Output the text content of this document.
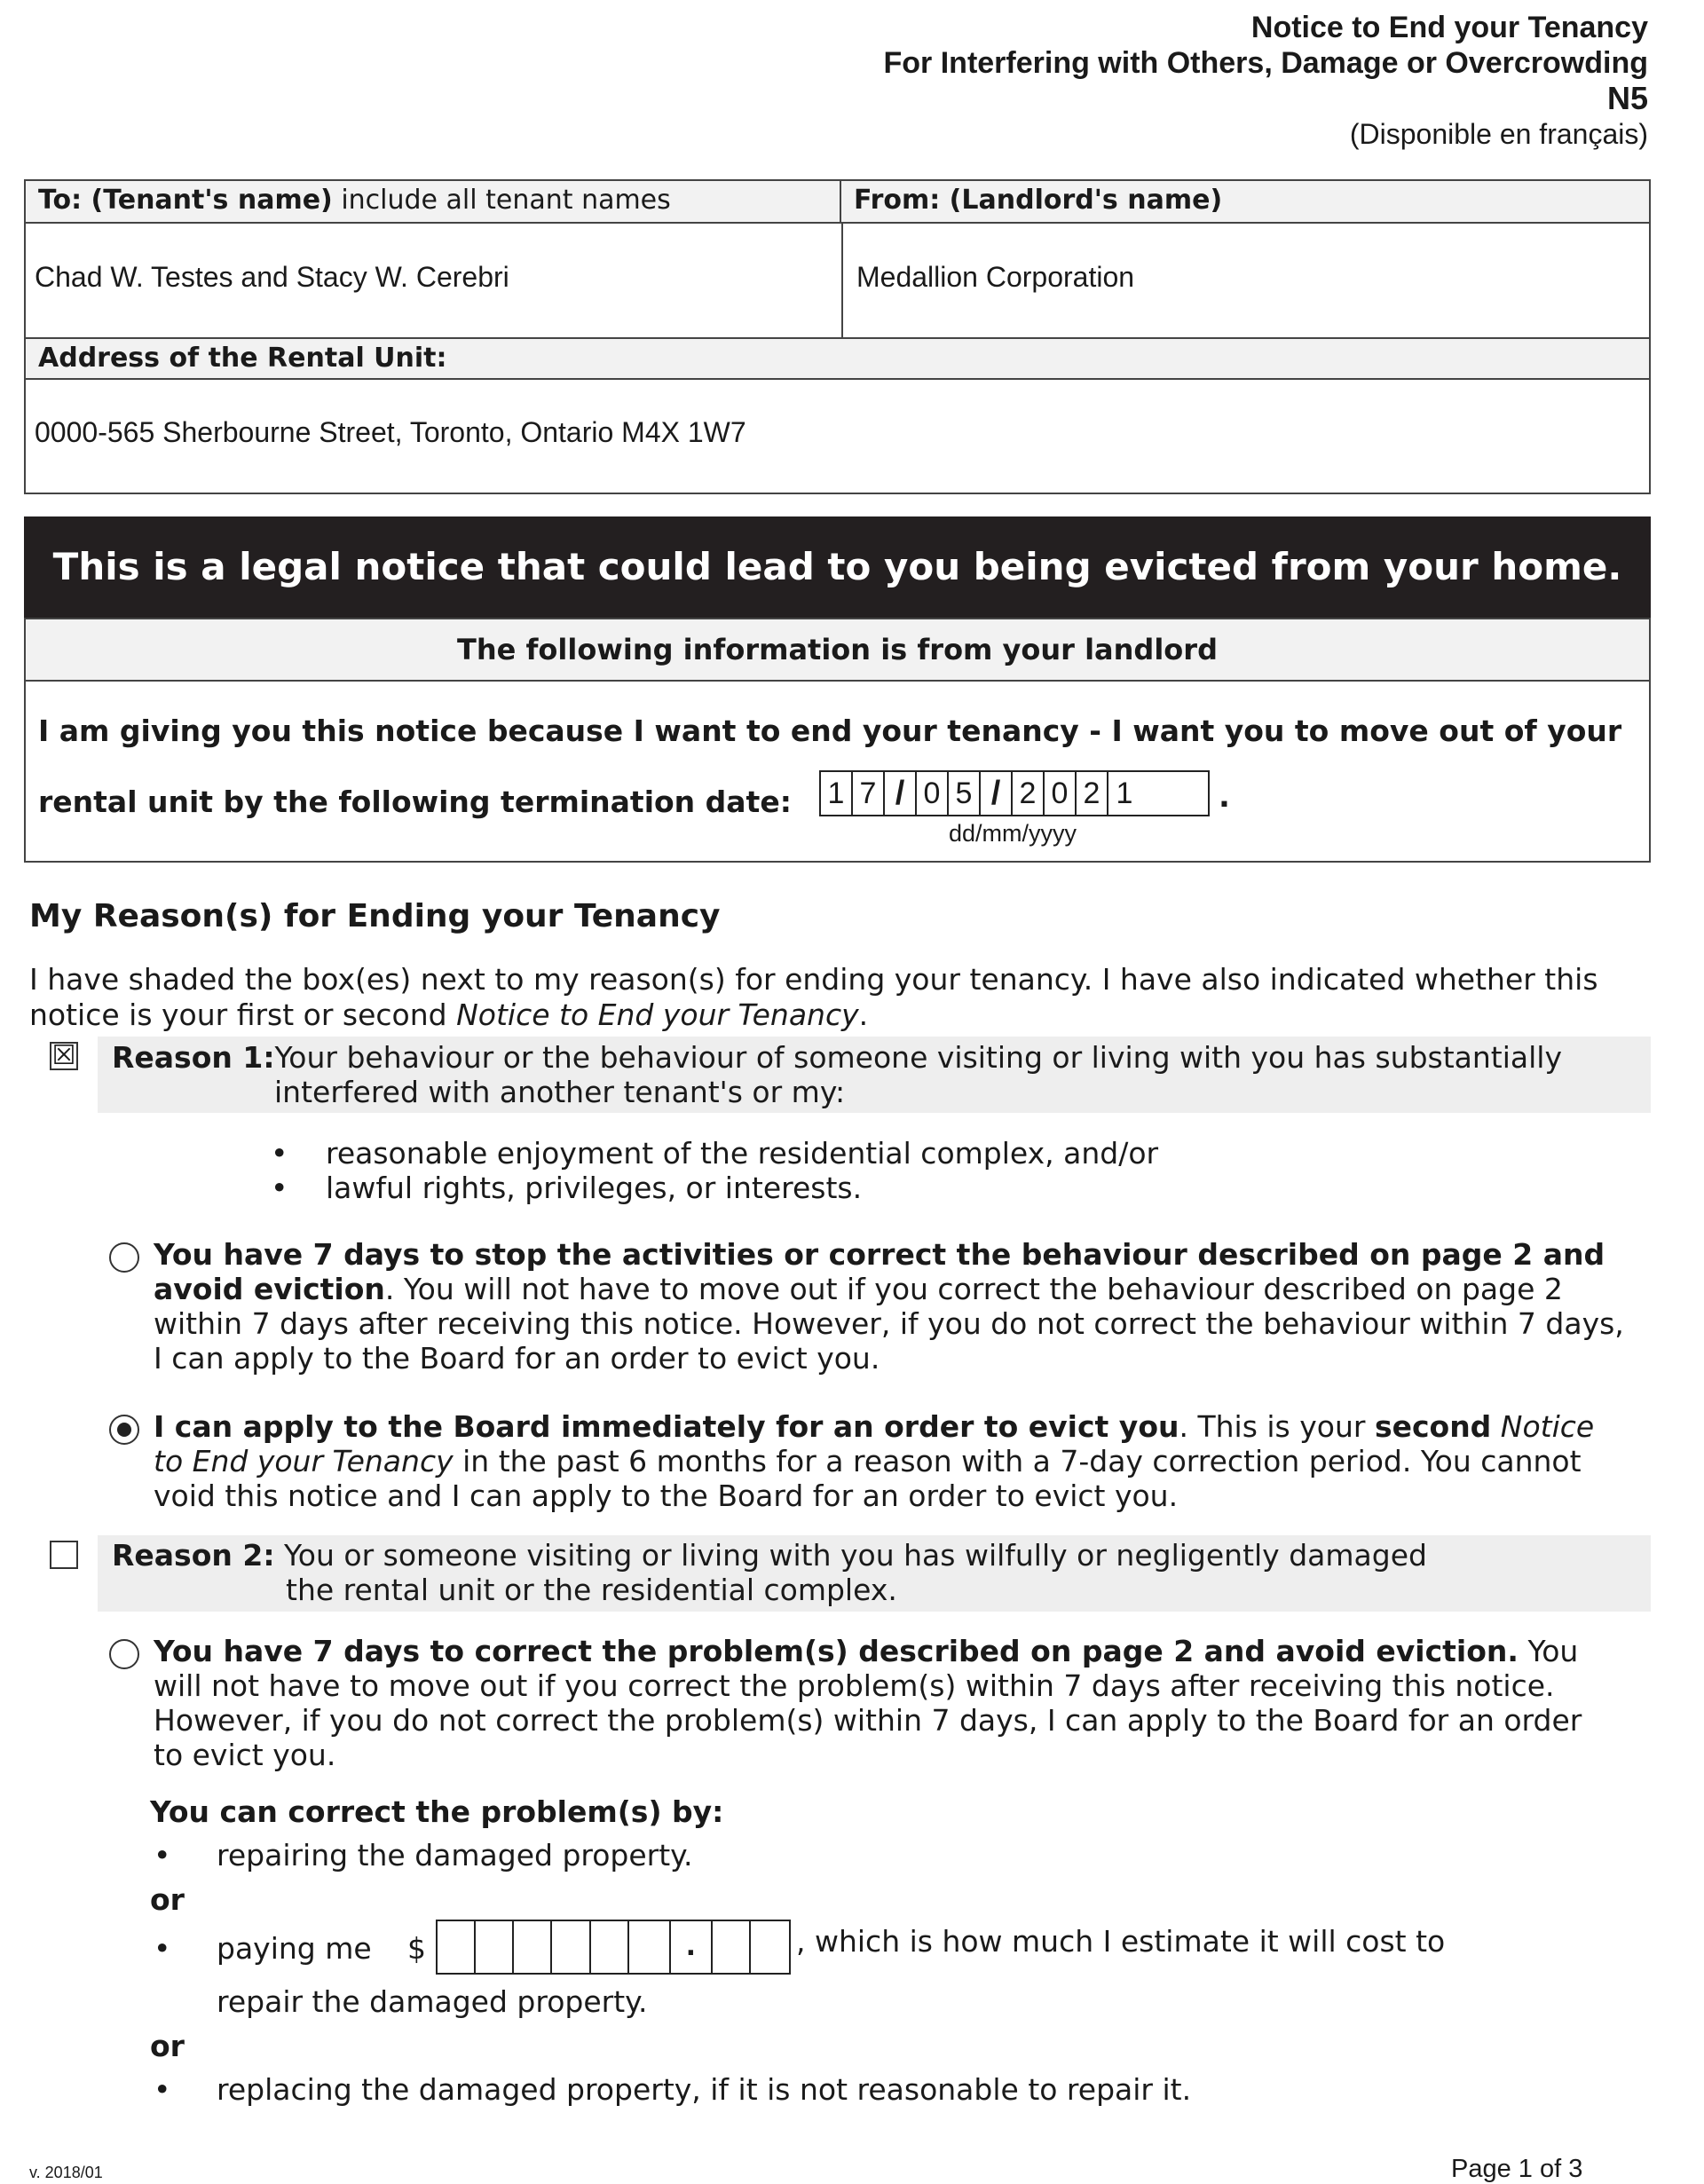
Notice to End your Tenancy
For Interfering with Others, Damage or Overcrowding
N5
(Disponible en français)
To: (Tenant's name) include all tenant names	From: (Landlord's name)
Chad W. Testes and Stacy W. Cerebri	Medallion Corporation
Address of the Rental Unit:
0000-565 Sherbourne Street, Toronto, Ontario M4X 1W7
This is a legal notice that could lead to you being evicted from your home.
The following information is from your landlord
I am giving you this notice because I want to end your tenancy - I want you to move out of your
rental unit by the following termination date: 1 7 / 0 5 / 2 0 2 1	.
dd/mm/yyyy
My Reason(s) for Ending your Tenancy
I have shaded the box(es) next to my reason(s) for ending your tenancy. I have also indicated whether this
notice is your first or second Notice to End your Tenancy.
☒ Reason 1:Your behaviour or the behaviour of someone visiting or living with you has substantially
interfered with another tenant's or my:
• reasonable enjoyment of the residential complex, and/or
• lawful rights, privileges, or interests.
You have 7 days to stop the activities or correct the behaviour described on page 2 and
avoid eviction. You will not have to move out if you correct the behaviour described on page 2
within 7 days after receiving this notice. However, if you do not correct the behaviour within 7 days,
I can apply to the Board for an order to evict you.
I can apply to the Board immediately for an order to evict you. This is your second Notice
to End your Tenancy in the past 6 months for a reason with a 7-day correction period. You cannot
void this notice and I can apply to the Board for an order to evict you.
Reason 2: You or someone visiting or living with you has wilfully or negligently damaged
the rental unit or the residential complex.
You have 7 days to correct the problem(s) described on page 2 and avoid eviction. You
will not have to move out if you correct the problem(s) within 7 days after receiving this notice.
However, if you do not correct the problem(s) within 7 days, I can apply to the Board for an order
to evict you.
You can correct the problem(s) by:
• repairing the damaged property.
or
• paying me $	.	, which is how much I estimate it will cost to
repair the damaged property.
or
• replacing the damaged property, if it is not reasonable to repair it.
v. 2018/01	Page 1 of 3
